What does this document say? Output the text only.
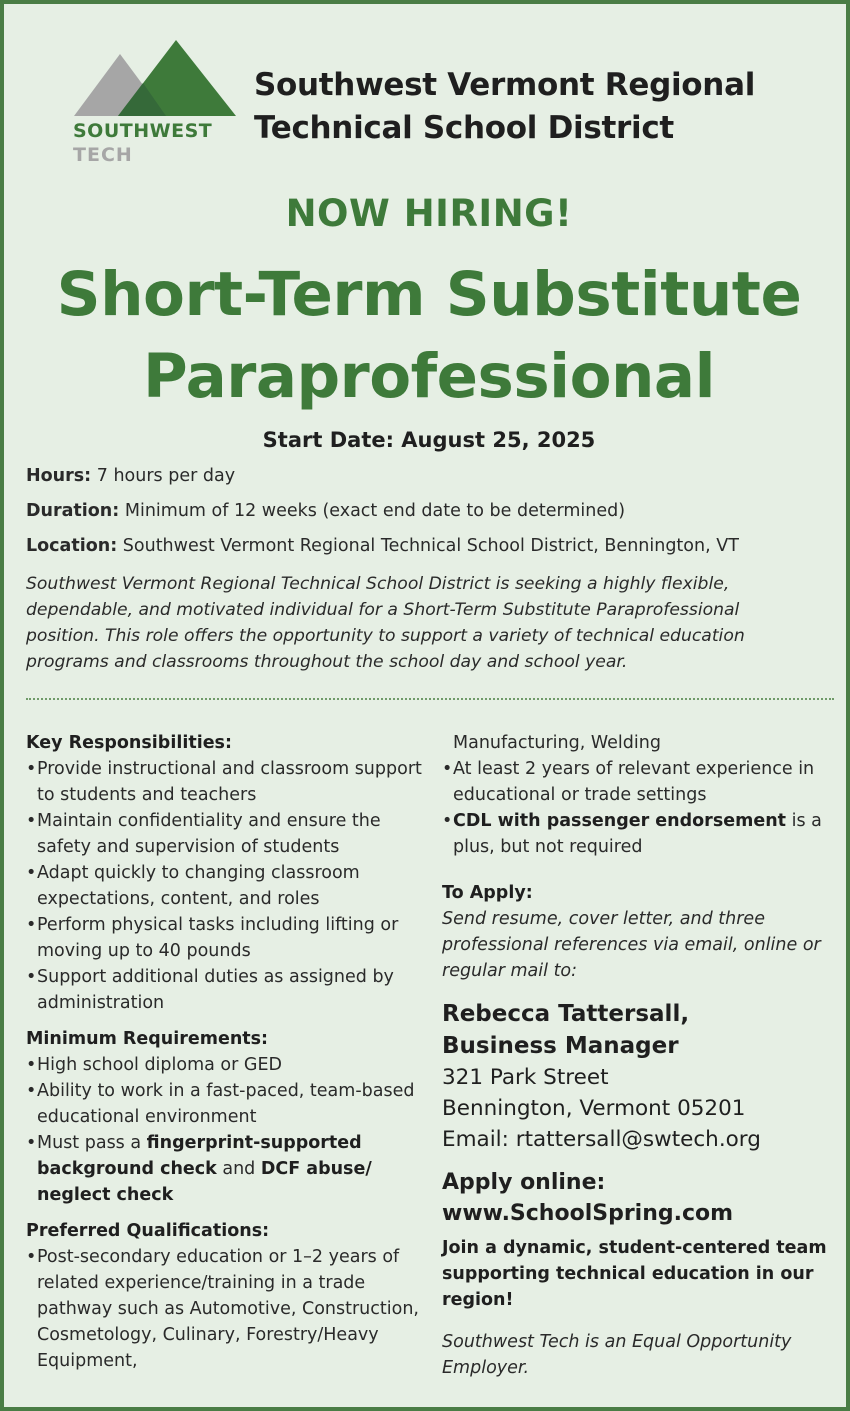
SOUTHWEST
TECH
Southwest Vermont Regional
Technical School District
NOW HIRING!
Short-Term Substitute
Paraprofessional
Start Date: August 25, 2025
Hours: 7 hours per day
Duration: Minimum of 12 weeks (exact end date to be determined)
Location: Southwest Vermont Regional Technical School District, Bennington, VT
Southwest Vermont Regional Technical School District is seeking a highly flexible,
dependable, and motivated individual for a Short-Term Substitute Paraprofessional
position. This role offers the opportunity to support a variety of technical education
programs and classrooms throughout the school day and school year.
Key Responsibilities:
• Provide instructional and classroom support to students and teachers
• Maintain confidentiality and ensure the safety and supervision of students
• Adapt quickly to changing classroom expectations, content, and roles
• Perform physical tasks including lifting or moving up to 40 pounds
• Support additional duties as assigned by administration
Minimum Requirements:
• High school diploma or GED
• Ability to work in a fast-paced, team-based educational environment
• Must pass a fingerprint-supported background check and DCF abuse/ neglect check
Preferred Qualifications:
• Post-secondary education or 1–2 years of related experience/training in a trade pathway such as Automotive, Construction, Cosmetology, Culinary, Forestry/Heavy Equipment,
Manufacturing, Welding
• At least 2 years of relevant experience in educational or trade settings
• CDL with passenger endorsement is a plus, but not required
To Apply:
Send resume, cover letter, and three professional references via email, online or regular mail to:
Rebecca Tattersall,
Business Manager
321 Park Street
Bennington, Vermont 05201
Email: rtattersall@swtech.org
Apply online:
www.SchoolSpring.com
Join a dynamic, student-centered team supporting technical education in our region!
Southwest Tech is an Equal Opportunity Employer.
